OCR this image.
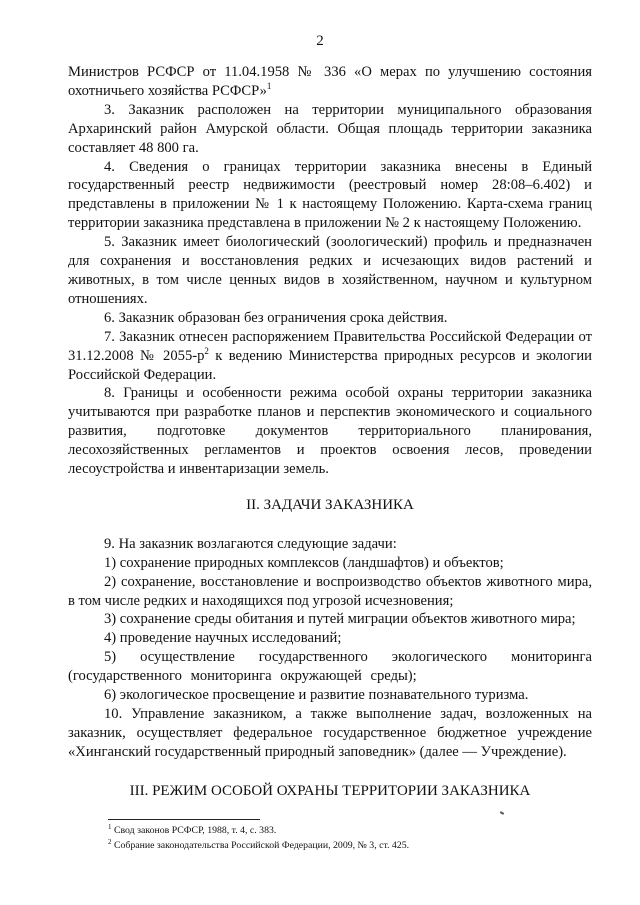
2

Министров РСФСР от 11.04.1958 № 336 «О мерах по улучшению состояния охотничьего хозяйства РСФСР»$^1$

3. Заказник расположен на территории муниципального образования Архаринский район Амурской области. Общая площадь территории заказника составляет 48 800 га.

4. Сведения о границах территории заказника внесены в Единый государственный реестр недвижимости (реестровый номер 28:08–6.402) и представлены в приложении № 1 к настоящему Положению. Карта-схема границ территории заказника представлена в приложении № 2 к настоящему Положению.

5. Заказник имеет биологический (зоологический) профиль и предназначен для сохранения и восстановления редких и исчезающих видов растений и животных, в том числе ценных видов в хозяйственном, научном и культурном отношениях.

6. Заказник образован без ограничения срока действия.

7. Заказник отнесен распоряжением Правительства Российской Федерации от 31.12.2008 № $2055-р^2$ к ведению Министерства природных ресурсов и экологии Российской Федерации.

8. Границы и особенности режима особой охраны территории заказника учитываются при разработке планов и перспектив экономического и социального развития, подготовке документов территориального планирования, лесохозяйственных регламентов и проектов освоения лесов, проведении лесоустройства и инвентаризации земель.

II. ЗАДАЧИ ЗАКАЗНИКА

9. На заказник возлагаются следующие задачи:

1) сохранение природных комплексов (ландшафтов) и объектов;

2) сохранение, восстановление и воспроизводство объектов животного мира, в том числе редких и находящихся под угрозой исчезновения;

3) сохранение среды обитания и путей миграции объектов животного мира;

4) проведение научных исследований;

5) осуществление государственного экологического мониторинга (государственного мониторинга окружающей среды);

6) экологическое просвещение и развитие познавательного туризма.

10. Управление заказником, а также выполнение задач, возложенных на заказник, осуществляет федеральное государственное бюджетное учреждение «Хинганский государственный природный заповедник» (далее — Учреждение).

III. РЕЖИМ ОСОБОЙ ОХРАНЫ ТЕРРИТОРИИ ЗАКАЗНИКА

$^1$ Свод законов РСФСР, 1988, т. 4, с. 383.

$^2$ Собрание законодательства Российской Федерации, 2009, № 3, ст. 425.
